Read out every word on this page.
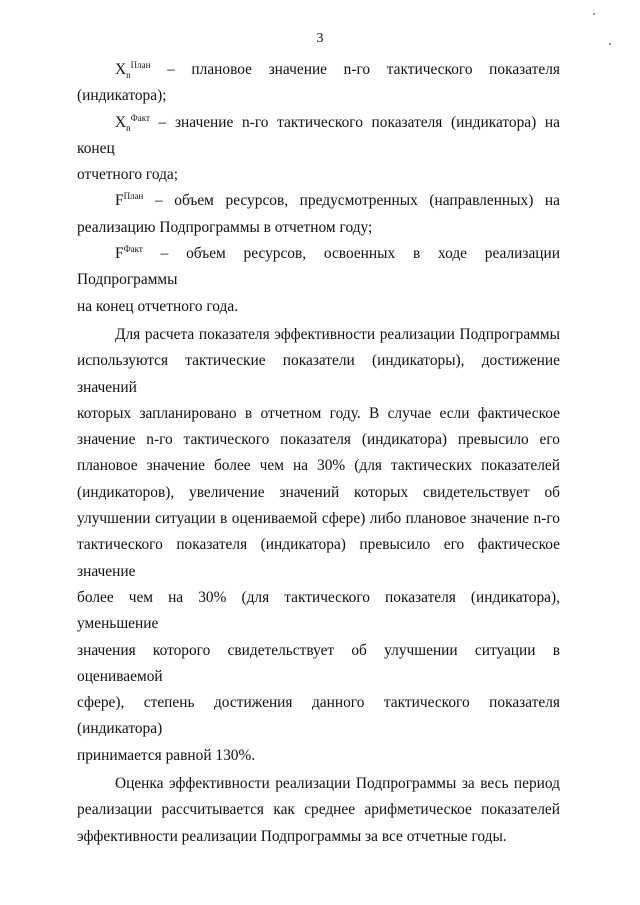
3
$X_n^{План}$ – плановое значение n-го тактического показателя
(индикатора);
$X_n^{Факт}$ – значение n-го тактического показателя (индикатора) на конец
отчетного года;
$F^{План}$ – объем ресурсов, предусмотренных (направленных) на
реализацию Подпрограммы в отчетном году;
$F^{Факт}$ – объем ресурсов, освоенных в ходе реализации Подпрограммы
на конец отчетного года.
Для расчета показателя эффективности реализации Подпрограммы
используются тактические показатели (индикаторы), достижение значений
которых запланировано в отчетном году. В случае если фактическое
значение n-го тактического показателя (индикатора) превысило его
плановое значение более чем на 30% (для тактических показателей
(индикаторов), увеличение значений которых свидетельствует об
улучшении ситуации в оцениваемой сфере) либо плановое значение n-го
тактического показателя (индикатора) превысило его фактическое значение
более чем на 30% (для тактического показателя (индикатора), уменьшение
значения которого свидетельствует об улучшении ситуации в оцениваемой
сфере), степень достижения данного тактического показателя (индикатора)
принимается равной 130%.
Оценка эффективности реализации Подпрограммы за весь период
реализации рассчитывается как среднее арифметическое показателей
эффективности реализации Подпрограммы за все отчетные годы.
